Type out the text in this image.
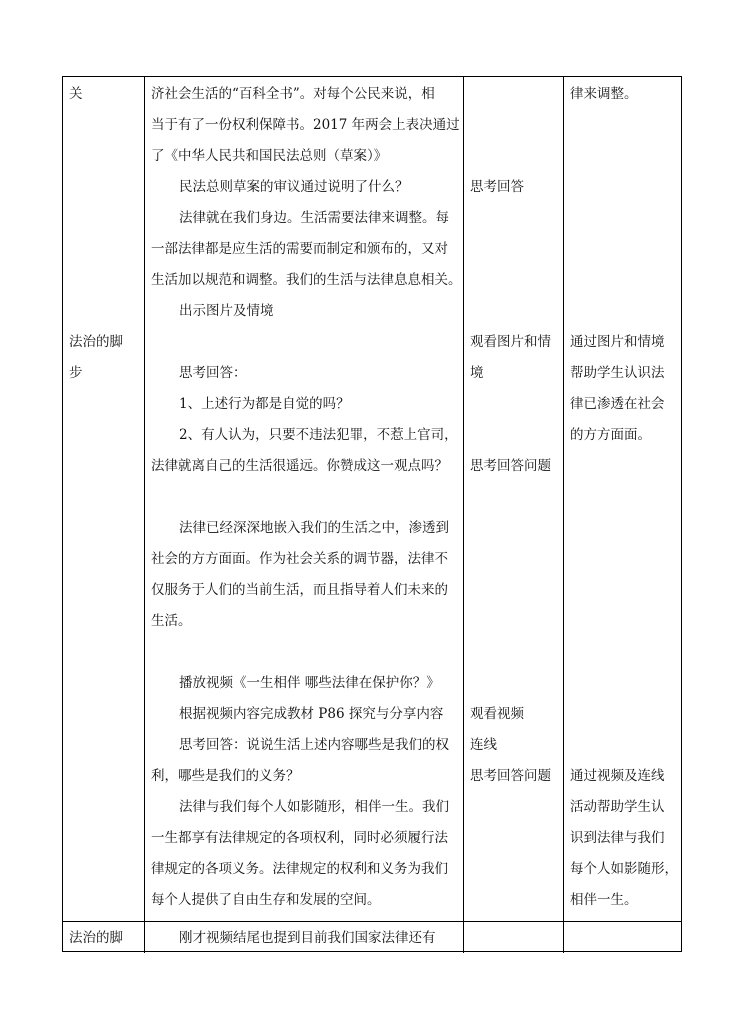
关

法治的脚
步
法治的脚
济社会生活的“百科全书”。对每个公民来说，相
当于有了一份权利保障书。2017 年两会上表决通过
了《中华人民共和国民法总则（草案）》
民法总则草案的审议通过说明了什么？
法律就在我们身边。生活需要法律来调整。每
一部法律都是应生活的需要而制定和颁布的，又对
生活加以规范和调整。我们的生活与法律息息相关。
出示图片及情境

思考回答：
1、上述行为都是自觉的吗？
2、有人认为，只要不违法犯罪，不惹上官司，
法律就离自己的生活很遥远。你赞成这一观点吗？

法律已经深深地嵌入我们的生活之中，渗透到
社会的方方面面。作为社会关系的调节器，法律不
仅服务于人们的当前生活，而且指导着人们未来的
生活。

播放视频《一生相伴 哪些法律在保护你？》
根据视频内容完成教材 P86 探究与分享内容
思考回答：说说生活上述内容哪些是我们的权
利，哪些是我们的义务？
法律与我们每个人如影随形，相伴一生。我们
一生都享有法律规定的各项权利，同时必须履行法
律规定的各项义务。法律规定的权利和义务为我们
每个人提供了自由生存和发展的空间。
刚才视频结尾也提到目前我们国家法律还有

思考回答

观看图片和情
境

思考回答问题

观看视频
连线
思考回答问题
律来调整。

通过图片和情境
帮助学生认识法
律已渗透在社会
的方方面面。

通过视频及连线
活动帮助学生认
识到法律与我们
每个人如影随形，
相伴一生。
